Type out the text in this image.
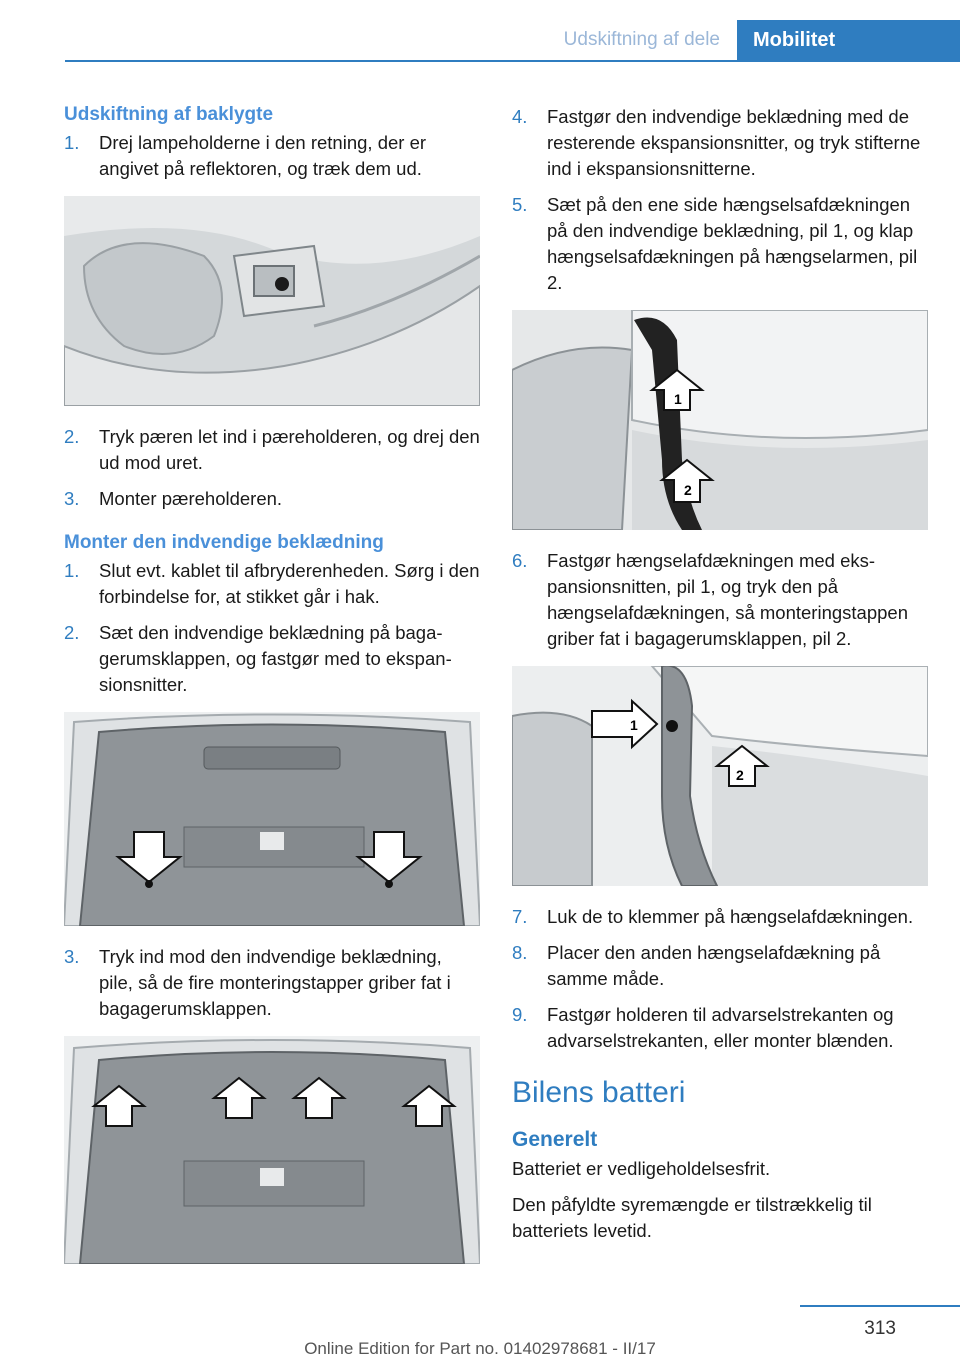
Udskiftning af dele	Mobilitet
Udskiftning af baklygte
1. Drej lampeholderne i den retning, der er angivet på reflektoren, og træk dem ud.
2. Tryk pæren let ind i pæreholderen, og drej den ud mod uret.
3. Monter pæreholderen.
Monter den indvendige beklædning
1. Slut evt. kablet til afbryderenheden. Sørg i den forbindelse for, at stikket går i hak.
2. Sæt den indvendige beklædning på bagagerumsklappen, og fastgør med to ekspansionsnitter.
3. Tryk ind mod den indvendige beklædning, pile, så de fire monteringstapper griber fat i bagagerumsklappen.
4. Fastgør den indvendige beklædning med de resterende ekspansionsnitter, og tryk stifterne ind i ekspansionsnitterne.
5. Sæt på den ene side hængselsafdækningen på den indvendige beklædning, pil 1, og klap hængselsafdækningen på hængselarmen, pil 2.
1
2
6. Fastgør hængselafdækningen med ekspansionsnitten, pil 1, og tryk den på hængselafdækningen, så monteringstappen griber fat i bagagerumsklappen, pil 2.
1
2
7. Luk de to klemmer på hængselafdækningen.
8. Placer den anden hængselafdækning på samme måde.
9. Fastgør holderen til advarselstrekanten og advarselstrekanten, eller monter blænden.
Bilens batteri
Generelt

Batteriet er vedligeholdelsesfrit.

Den påfyldte syremængde er tilstrækkelig til batteriets levetid.

313
Online Edition for Part no. 01402978681 - II/17
